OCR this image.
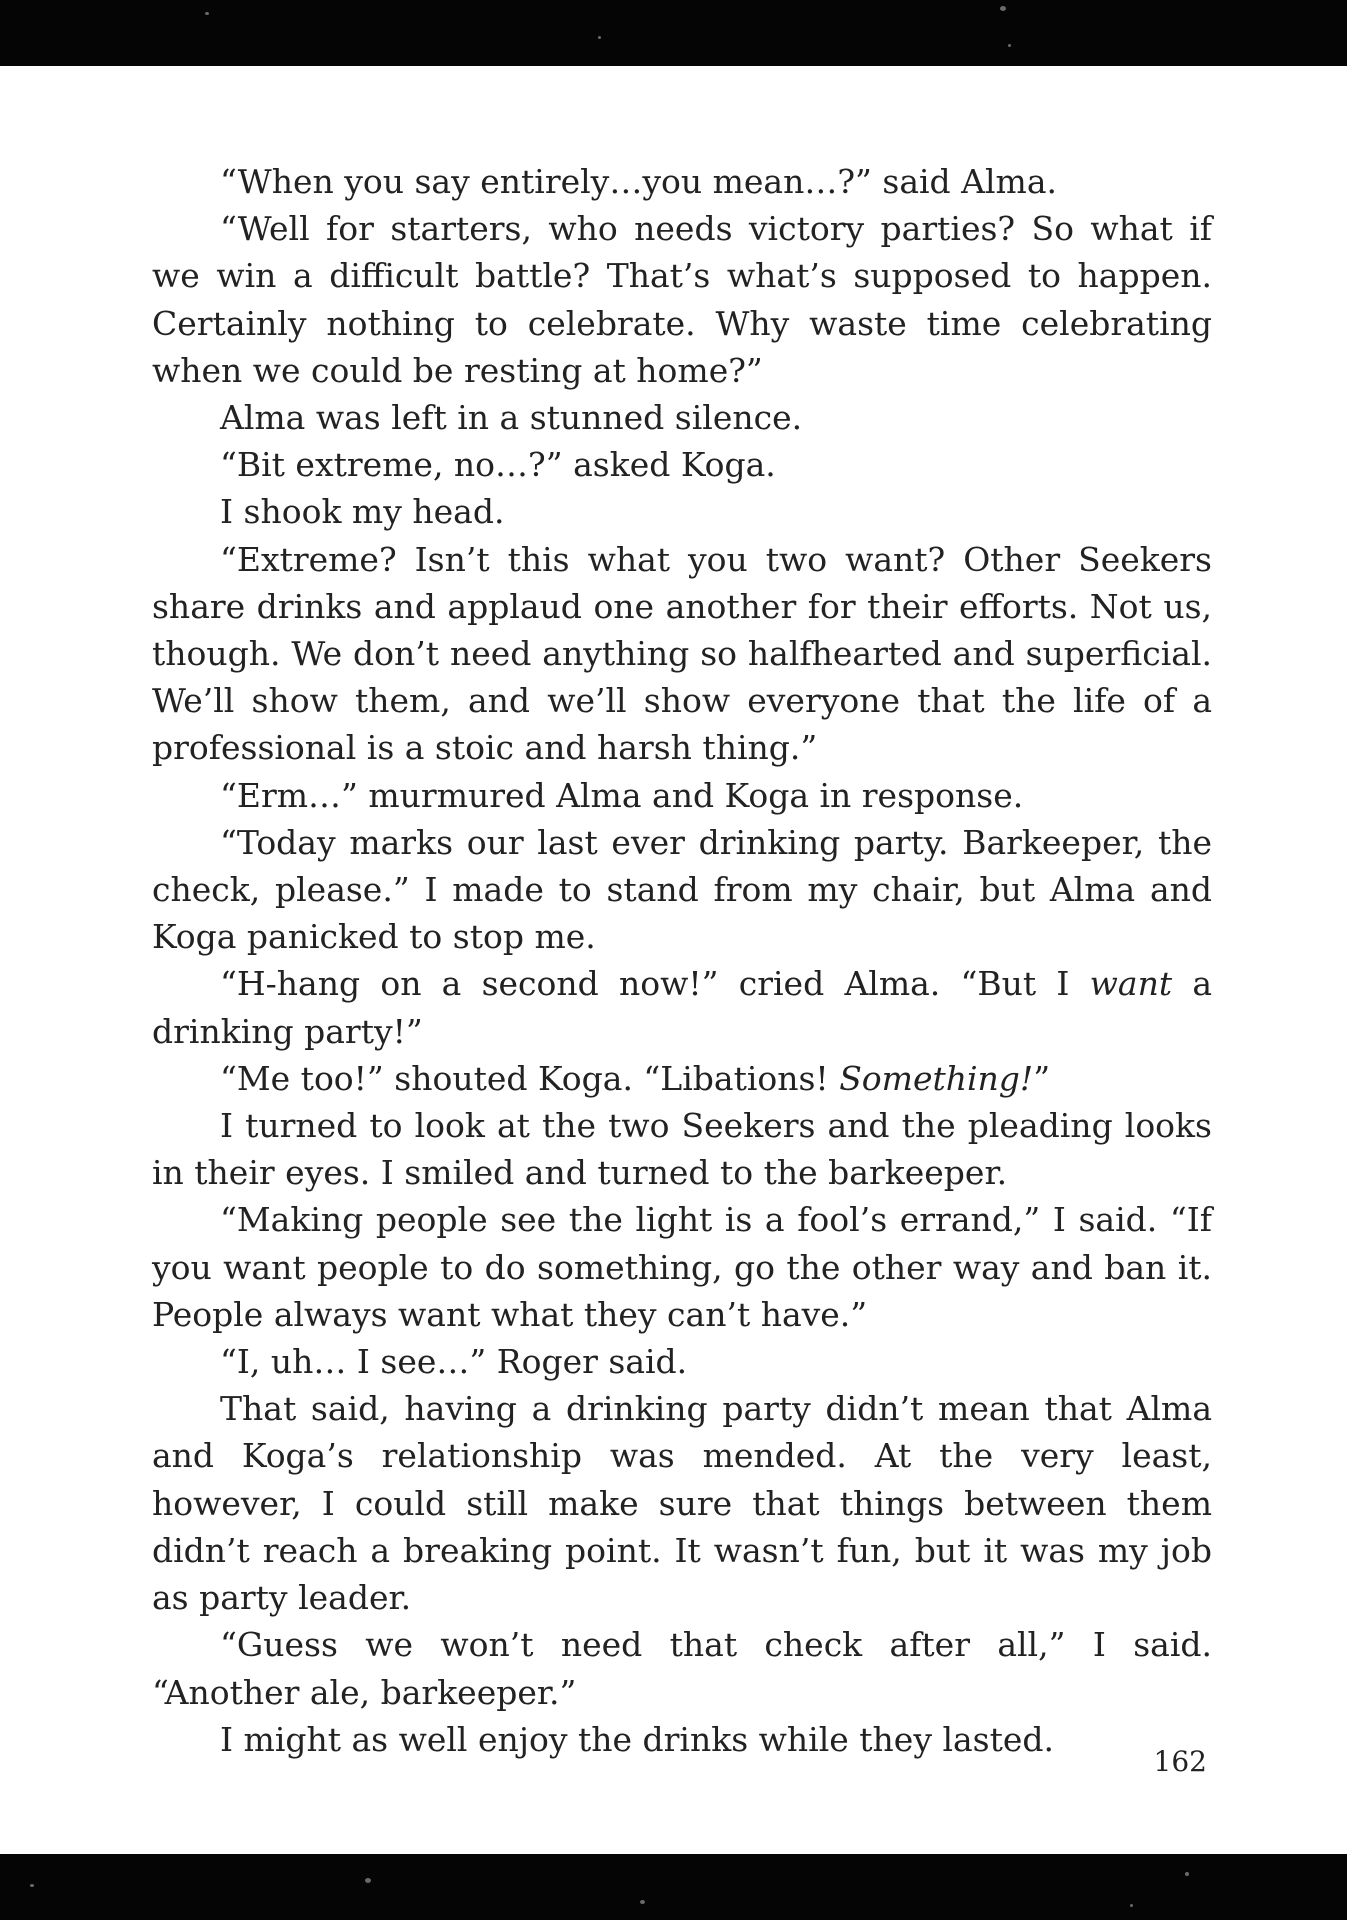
“When you say entirely…you mean…?” said Alma.

“Well for starters, who needs victory parties? So what if we win a difficult battle? That’s what’s supposed to happen. Certainly nothing to celebrate. Why waste time celebrating when we could be resting at home?”

Alma was left in a stunned silence.

“Bit extreme, no…?” asked Koga.

I shook my head.

“Extreme? Isn’t this what you two want? Other Seekers share drinks and applaud one another for their efforts. Not us, though. We don’t need anything so halfhearted and superficial. We’ll show them, and we’ll show everyone that the life of a professional is a stoic and harsh thing.”

“Erm…” murmured Alma and Koga in response.

“Today marks our last ever drinking party. Barkeeper, the check, please.” I made to stand from my chair, but Alma and Koga panicked to stop me.

“H-hang on a second now!” cried Alma. “But I want a drinking party!”

“Me too!” shouted Koga. “Libations! Something!”

I turned to look at the two Seekers and the pleading looks in their eyes. I smiled and turned to the barkeeper.

“Making people see the light is a fool’s errand,” I said. “If you want people to do something, go the other way and ban it. People always want what they can’t have.”

“I, uh… I see…” Roger said.

That said, having a drinking party didn’t mean that Alma and Koga’s relationship was mended. At the very least, however, I could still make sure that things between them didn’t reach a breaking point. It wasn’t fun, but it was my job as party leader.

“Guess we won’t need that check after all,” I said. “Another ale, barkeeper.”

I might as well enjoy the drinks while they lasted.

162
